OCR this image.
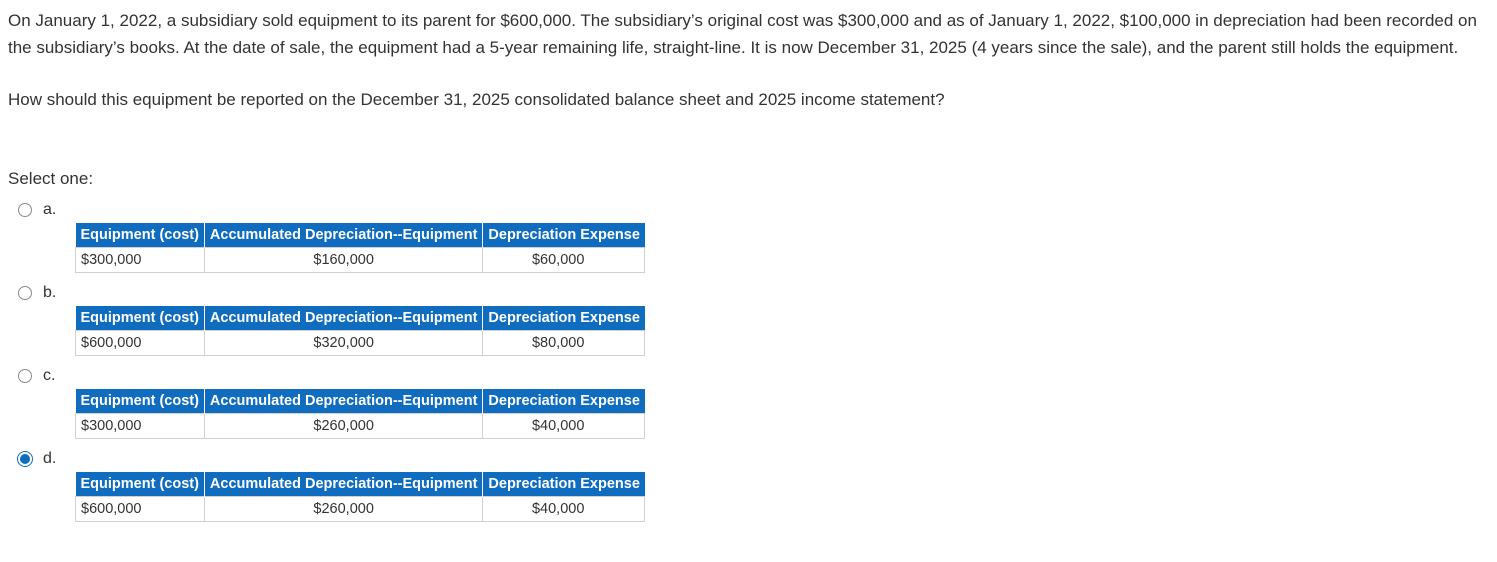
On January 1, 2022, a subsidiary sold equipment to its parent for $600,000. The subsidiary’s original cost was $300,000 and as of January 1, 2022, $100,000 in depreciation had been recorded on the subsidiary’s books. At the date of sale, the equipment had a 5-year remaining life, straight-line. It is now December 31, 2025 (4 years since the sale), and the parent still holds the equipment.

How should this equipment be reported on the December 31, 2025 consolidated balance sheet and 2025 income statement?

Select one:
a.
Equipment (cost)	Accumulated Depreciation--Equipment	Depreciation Expense
$300,000	$160,000	$60,000
b.
Equipment (cost)	Accumulated Depreciation--Equipment	Depreciation Expense
$600,000	$320,000	$80,000
c.
Equipment (cost)	Accumulated Depreciation--Equipment	Depreciation Expense
$300,000	$260,000	$40,000
d.
Equipment (cost)	Accumulated Depreciation--Equipment	Depreciation Expense
$600,000	$260,000	$40,000
